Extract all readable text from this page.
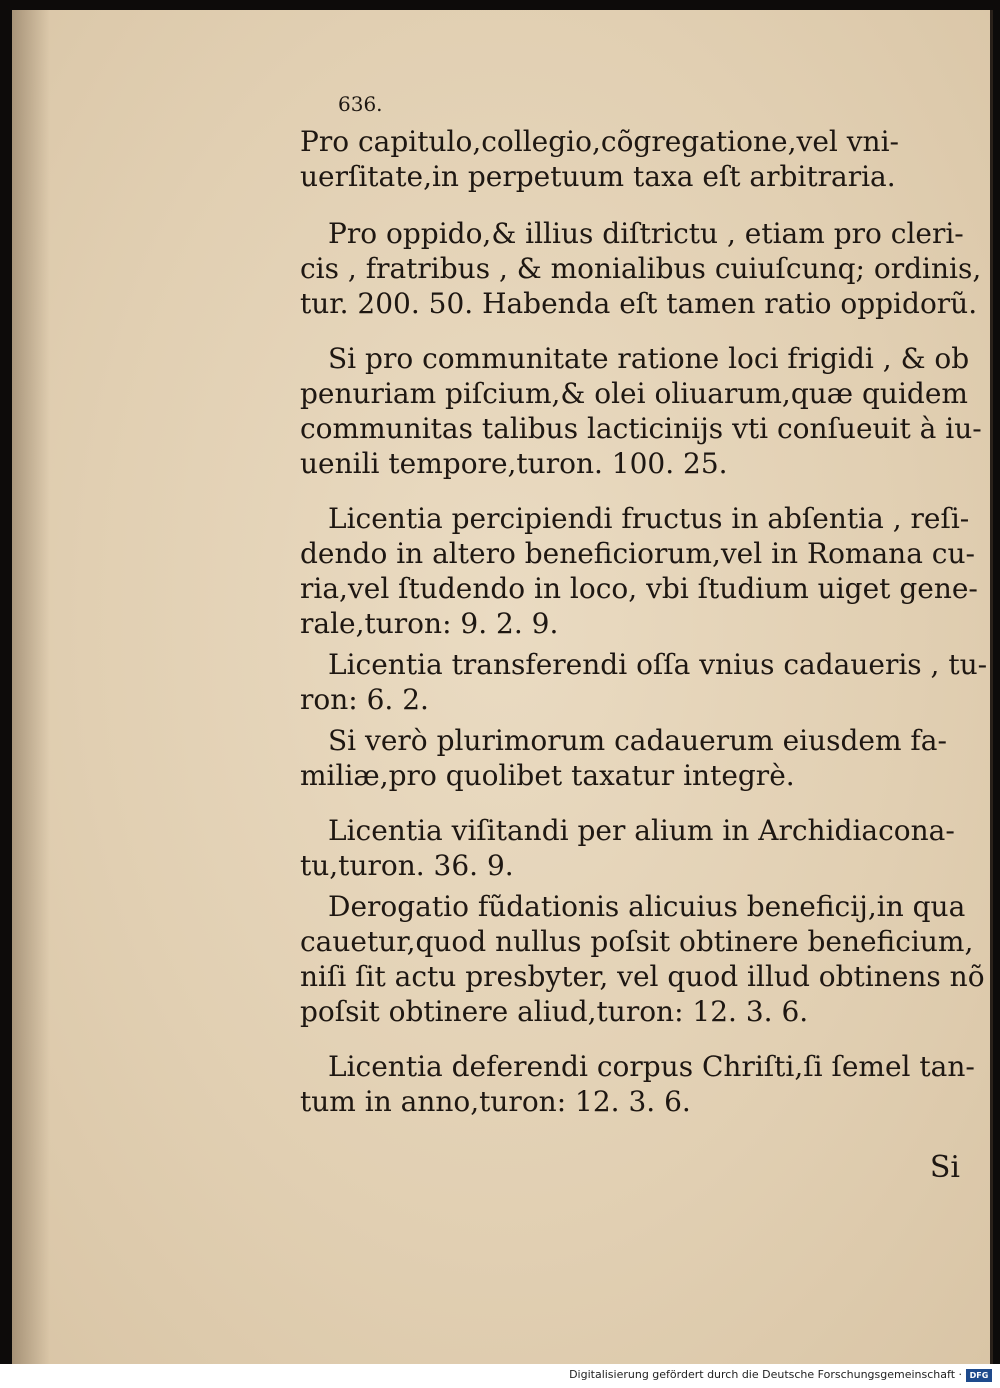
636.
Pro capitulo,collegio,cõgregatione,vel vni-
uerſitate,in perpetuum taxa eſt arbitraria.
Pro oppido,& illius diſtrictu , etiam pro cleri-
cis , fratribus , & monialibus cuiuſcunq; ordinis,
tur. 200. 50. Habenda eſt tamen ratio oppidorũ.
Si pro communitate ratione loci frigidi , & ob
penuriam piſcium,& olei oliuarum,quæ quidem
communitas talibus lacticinijs vti conſueuit à iu-
uenili tempore,turon. 100. 25.
Licentia percipiendi fructus in abſentia , reſi-
dendo in altero beneficiorum,vel in Romana cu-
ria,vel ſtudendo in loco, vbi ſtudium uiget gene-
rale,turon: 9. 2. 9.
Licentia transferendi oſſa vnius cadaueris , tu-
ron: 6. 2.
Si verò plurimorum cadauerum eiusdem fa-
miliæ,pro quolibet taxatur integrè.
Licentia viſitandi per alium in Archidiacona-
tu,turon. 36. 9.
Derogatio fũdationis alicuius beneficij,in qua
cauetur,quod nullus poſsit obtinere beneficium,
niſi ſit actu presbyter, vel quod illud obtinens nõ
poſsit obtinere aliud,turon: 12. 3. 6.
Licentia deferendi corpus Chriſti,ſi ſemel tan-
tum in anno,turon: 12. 3. 6.
Si
Digitalisierung gefördert durch die Deutsche Forschungsgemeinschaft · DFG
